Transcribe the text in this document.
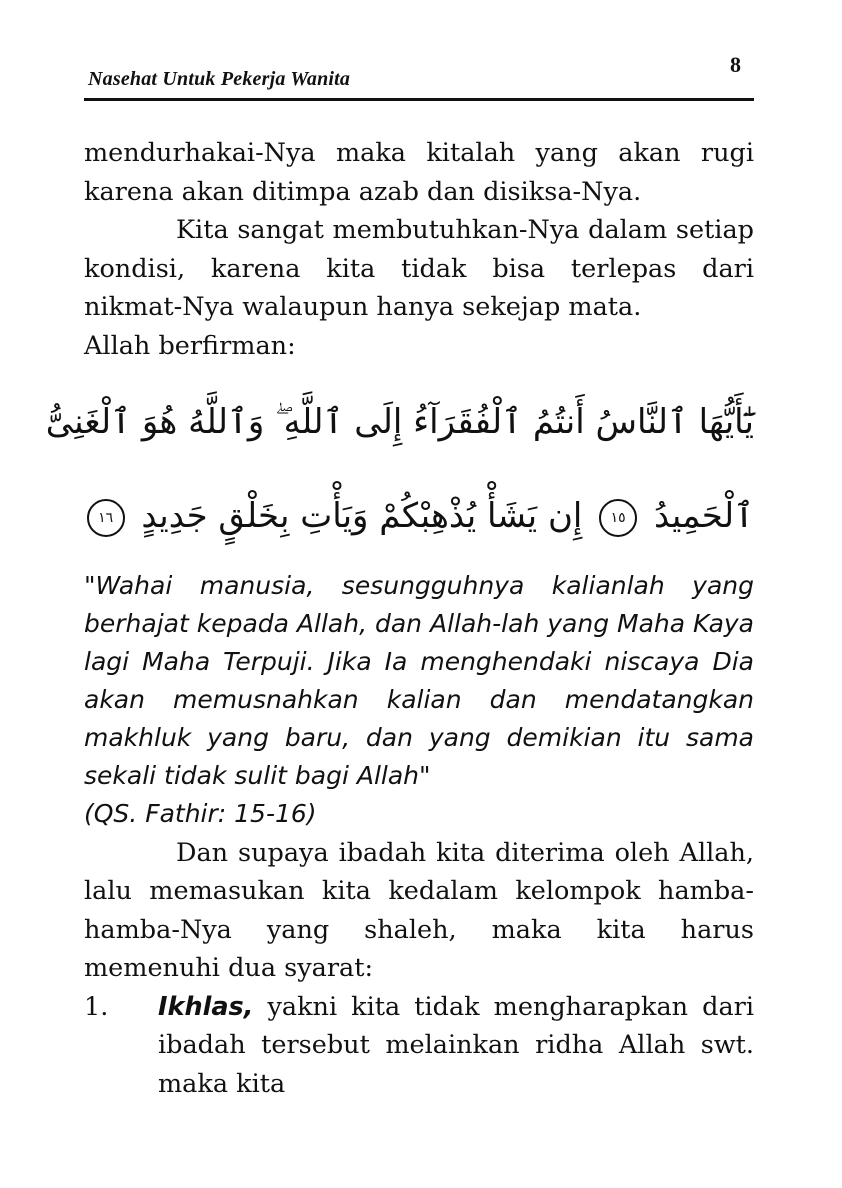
Nasehat Untuk Pekerja Wanita
8

mendurhakai-Nya maka kitalah yang akan rugi karena akan ditimpa azab dan disiksa-Nya.

Kita sangat membutuhkan-Nya dalam setiap kondisi, karena kita tidak bisa terlepas dari nikmat-Nya walaupun hanya sekejap mata.

Allah berfirman:

يَٰٓأَيُّهَا ٱلنَّاسُ أَنتُمُ ٱلْفُقَرَآءُ إِلَى ٱللَّهِ ۖ وَٱللَّهُ هُوَ ٱلْغَنِىُّ
ٱلْحَمِيدُ ١٥ إِن يَشَأْ يُذْهِبْكُمْ وَيَأْتِ بِخَلْقٍ جَدِيدٍ ١٦

"Wahai manusia, sesungguhnya kalianlah yang berhajat kepada Allah, dan Allah-lah yang Maha Kaya lagi Maha Terpuji. Jika Ia menghendaki niscaya Dia akan memusnahkan kalian dan mendatangkan makhluk yang baru, dan yang demikian itu sama sekali tidak sulit bagi Allah"

(QS. Fathir: 15-16)

Dan supaya ibadah kita diterima oleh Allah, lalu memasukan kita kedalam kelompok hamba-hamba-Nya yang shaleh, maka kita harus memenuhi dua syarat:

1.	Ikhlas, yakni kita tidak mengharapkan dari ibadah tersebut melainkan ridha Allah swt. maka kita
